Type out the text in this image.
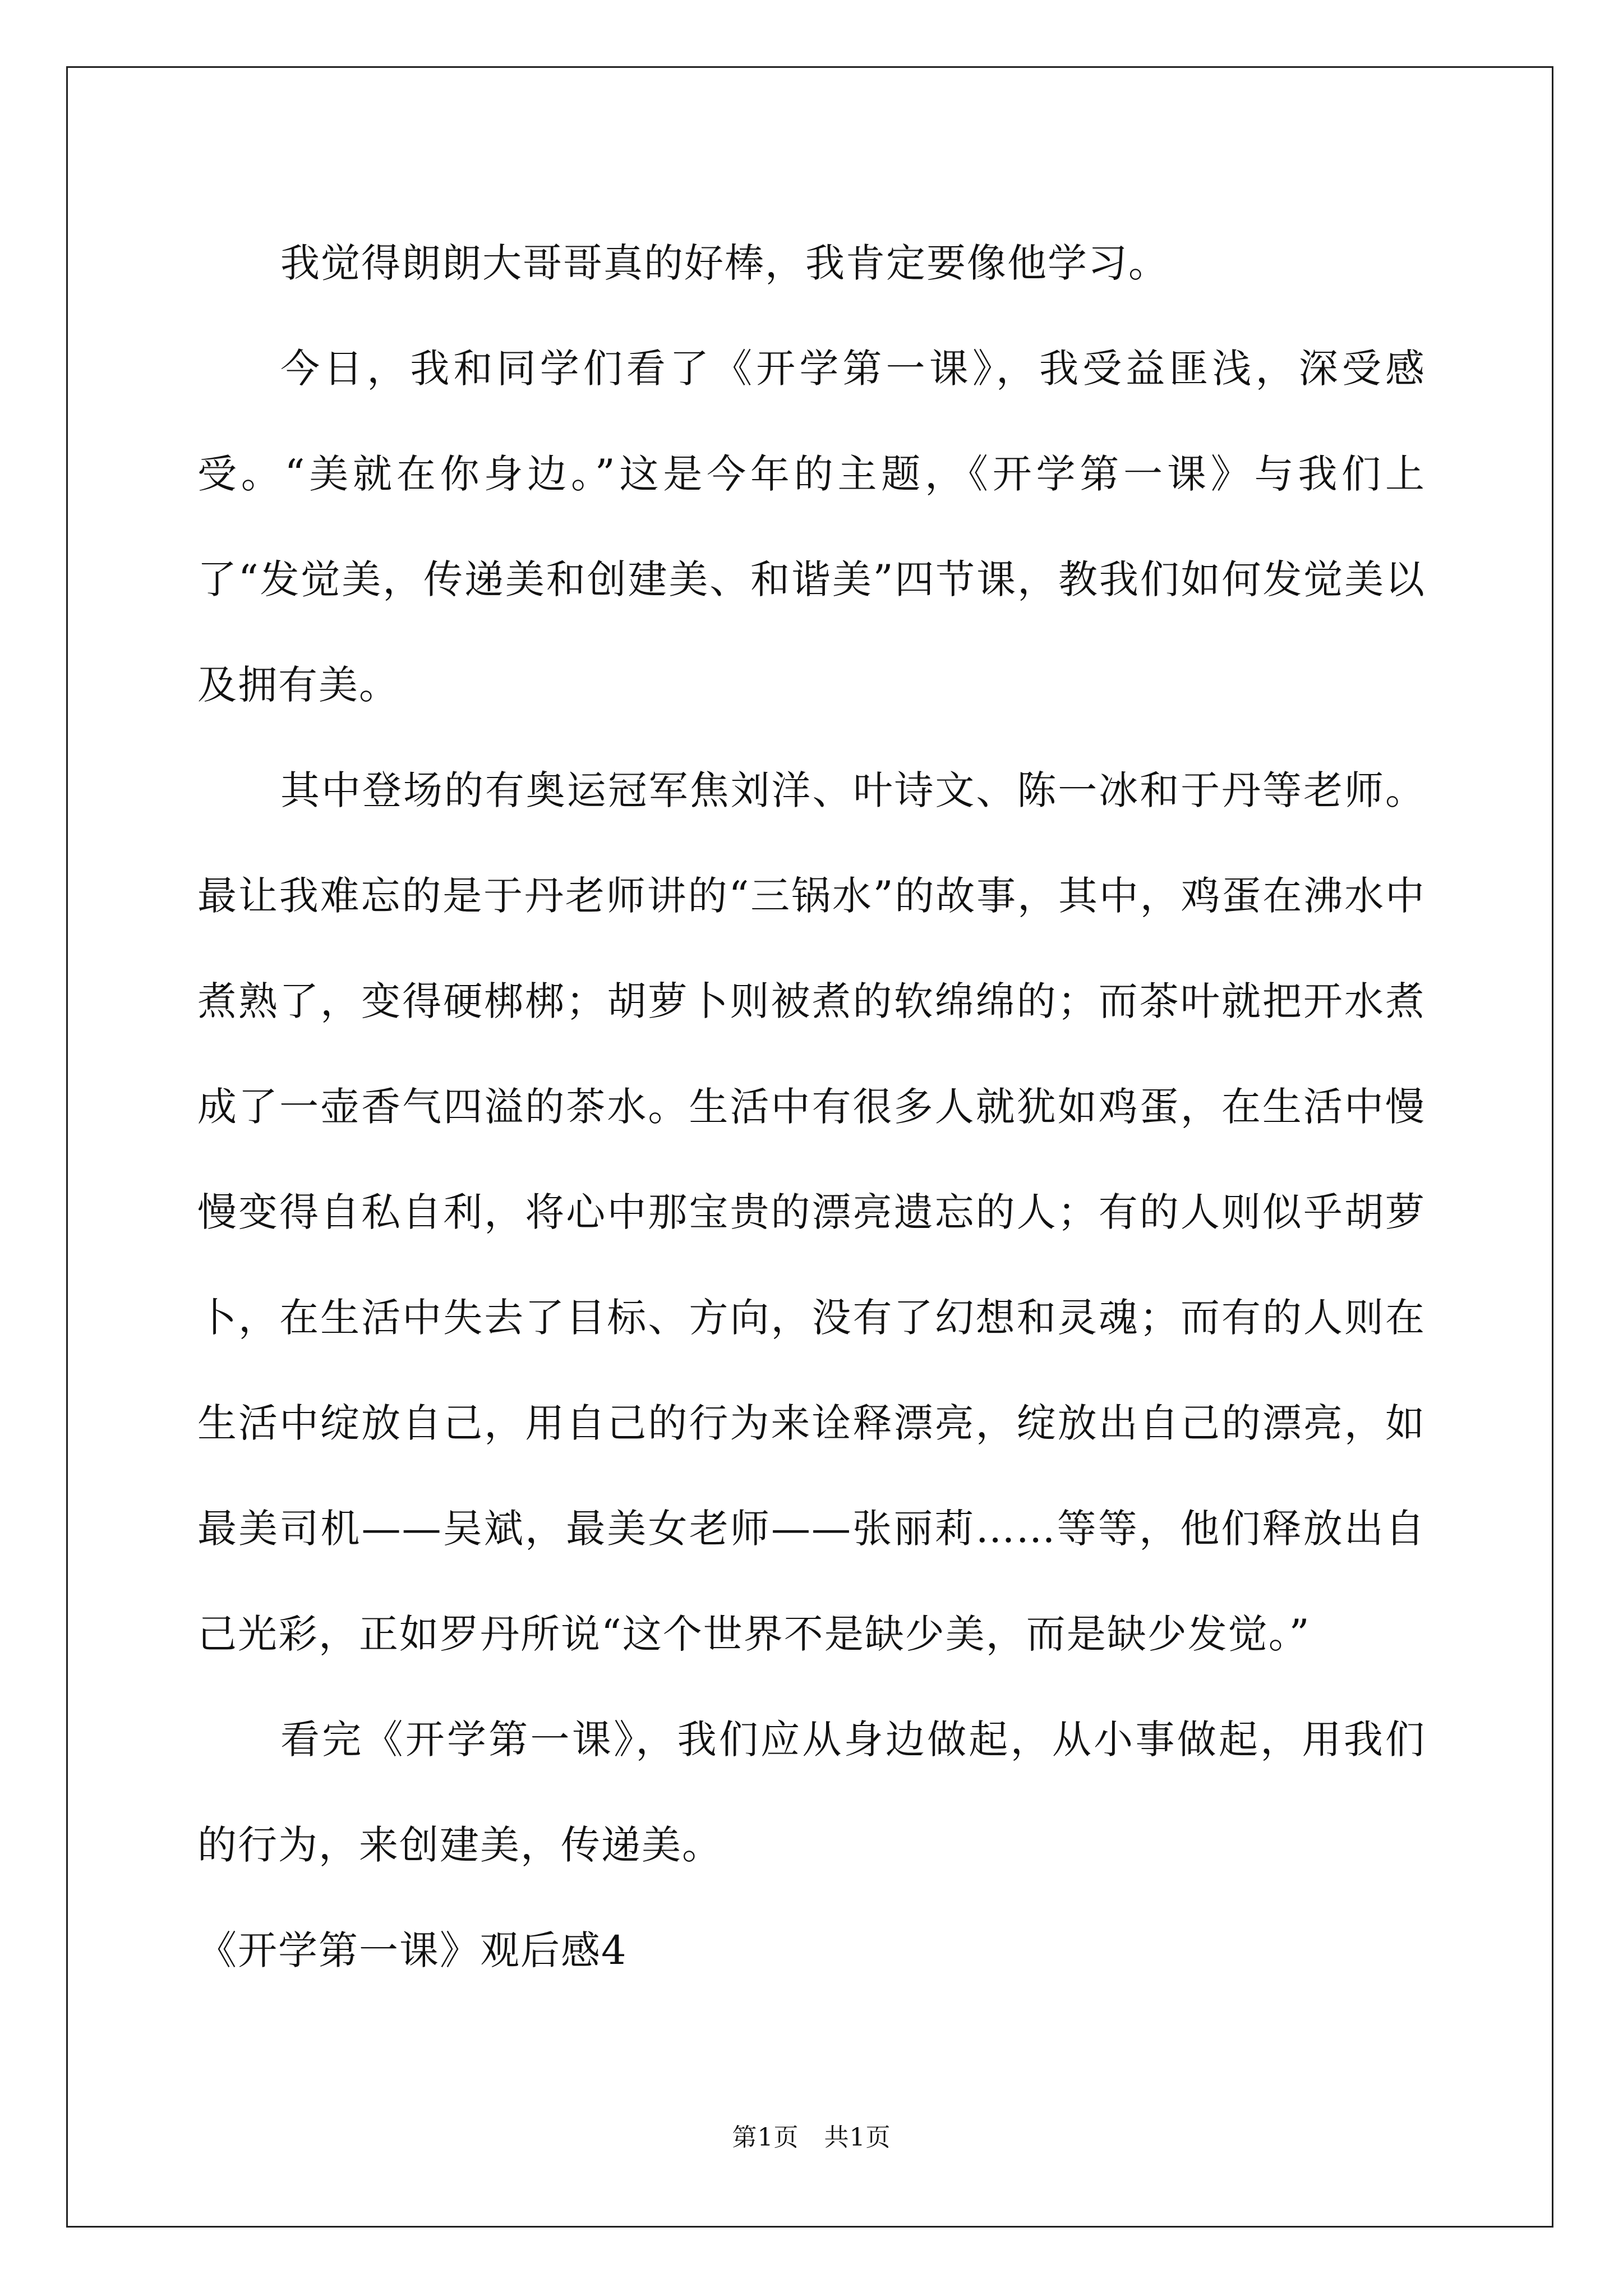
我觉得朗朗大哥哥真的好棒，我肯定要像他学习。

今日，我和同学们看了《开学第一课》，我受益匪浅，深受感受。“美就在你身边。”这是今年的主题，《开学第一课》与我们上了“发觉美，传递美和创建美、和谐美”四节课，教我们如何发觉美以及拥有美。

其中登场的有奥运冠军焦刘洋、叶诗文、陈一冰和于丹等老师。最让我难忘的是于丹老师讲的“三锅水”的故事，其中，鸡蛋在沸水中煮熟了，变得硬梆梆；胡萝卜则被煮的软绵绵的；而茶叶就把开水煮成了一壶香气四溢的茶水。生活中有很多人就犹如鸡蛋，在生活中慢慢变得自私自利，将心中那宝贵的漂亮遗忘的人；有的人则似乎胡萝卜，在生活中失去了目标、方向，没有了幻想和灵魂；而有的人则在生活中绽放自己，用自己的行为来诠释漂亮，绽放出自己的漂亮，如最美司机——吴斌，最美女老师——张丽莉……等等，他们释放出自己光彩，正如罗丹所说“这个世界不是缺少美，而是缺少发觉。”

看完《开学第一课》，我们应从身边做起，从小事做起，用我们的行为，来创建美，传递美。

《开学第一课》观后感4

第1页　共1页
